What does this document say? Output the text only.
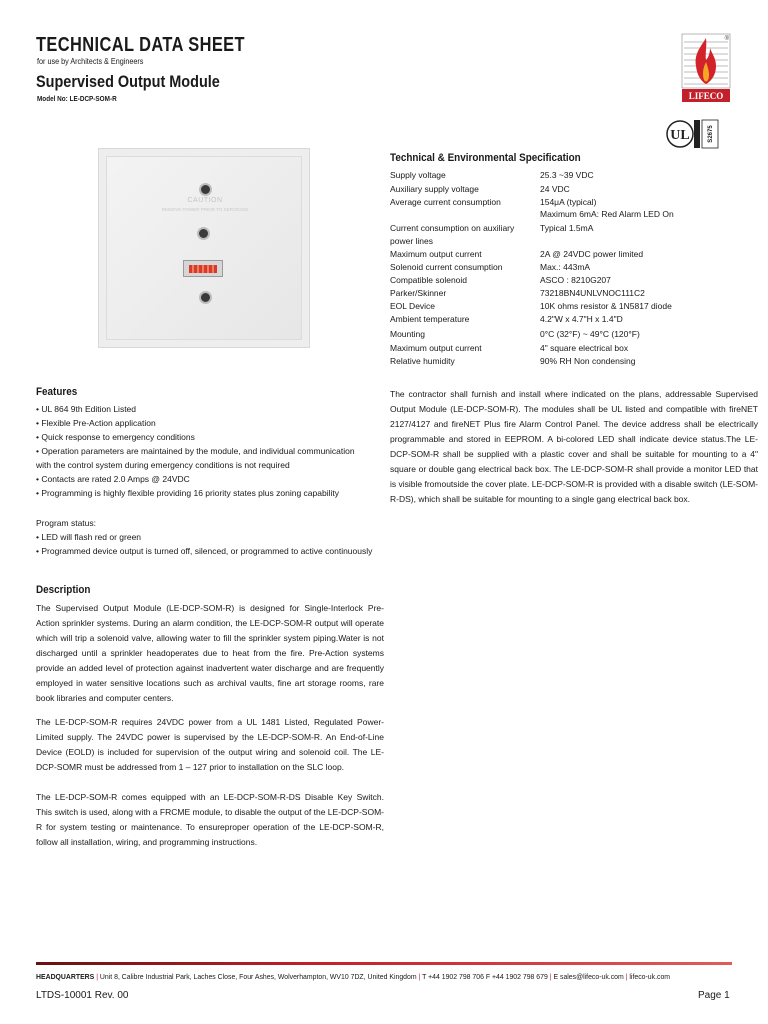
TECHNICAL DATA SHEET
for use by Architects & Engineers
Supervised Output Module
Model No: LE-DCP-SOM-R	LIFECO
®
UL	S2675
CAUTION
REMOVE POWER PRIOR TO SERVICING
Technical & Environmental Specification
Supply voltage	25.3 ~39 VDC
Auxiliary supply voltage	24 VDC
Average current consumption	154μA (typical)
Maximum 6mA: Red Alarm LED On
Current consumption on auxiliary	Typical 1.5mA
power lines
Maximum output current	2A @ 24VDC power limited
Solenoid current consumption	Max.: 443mA
Compatible solenoid	ASCO : 8210G207
Parker/Skinner	73218BN4UNLVNOC111C2
EOL Device	10K ohms resistor & 1N5817 diode
Ambient temperature	4.2"W x 4.7"H x 1.4"D
Mounting	0°C (32°F) ~ 49°C (120°F)
Maximum output current	4" square electrical box
Relative humidity	90% RH Non condensing
Features
• UL 864 9th Edition Listed
• Flexible Pre-Action application
• Quick response to emergency conditions
• Operation parameters are maintained by the module, and individual communication
with the control system during emergency conditions is not required
• Contacts are rated 2.0 Amps @ 24VDC
• Programming is highly flexible providing 16 priority states plus zoning capability
Program status:
• LED will flash red or green
• Programmed device output is turned off, silenced, or programmed to active continuously
Description
The Supervised Output Module (LE-DCP-SOM-R) is designed for Single-Interlock Pre-Action sprinkler systems. During an alarm condition, the LE-DCP-SOM-R output will operate which will trip a solenoid valve, allowing water to fill the sprinkler system piping.Water is not discharged until a sprinkler headoperates due to heat from the fire. Pre-Action systems provide an added level of protection against inadvertent water discharge and are frequently employed in water sensitive locations such as archival vaults, fine art storage rooms, rare book libraries and computer centers.
The LE-DCP-SOM-R requires 24VDC power from a UL 1481 Listed, Regulated Power-Limited supply. The 24VDC power is supervised by the LE-DCP-SOM-R. An End-of-Line Device (EOLD) is included for supervision of the output wiring and solenoid coil. The LE-DCP-SOMR must be addressed from 1 – 127 prior to installation on the SLC loop.
The LE-DCP-SOM-R comes equipped with an LE-DCP-SOM-R-DS Disable Key Switch. This switch is used, along with a FRCME module, to disable the output of the LE-DCP-SOM-R for system testing or maintenance. To ensureproper operation of the LE-DCP-SOM-R, follow all installation, wiring, and programming instructions.
The contractor shall furnish and install where indicated on the plans, addressable Supervised Output Module (LE-DCP-SOM-R). The modules shall be UL listed and compatible with fireNET 2127/4127 and fireNET Plus fire Alarm Control Panel. The device address shall be electrically programmable and stored in EEPROM. A bi-colored LED shall indicate device status.The LE-DCP-SOM-R shall be supplied with a plastic cover and shall be suitable for mounting to a 4" square or double gang electrical back box. The LE-DCP-SOM-R shall provide a monitor LED that is visible fromoutside the cover plate. LE-DCP-SOM-R is provided with a disable switch (LE-SOM-R-DS), which shall be suitable for mounting to a single gang electrical back box.
HEADQUARTERS | Unit 8, Calibre Industrial Park, Laches Close, Four Ashes, Wolverhampton, WV10 7DZ, United Kingdom | T +44 1902 798 706 F +44 1902 798 679 | E sales@lifeco-uk.com | lifeco-uk.com
LTDS-10001 Rev. 00	Page 1
